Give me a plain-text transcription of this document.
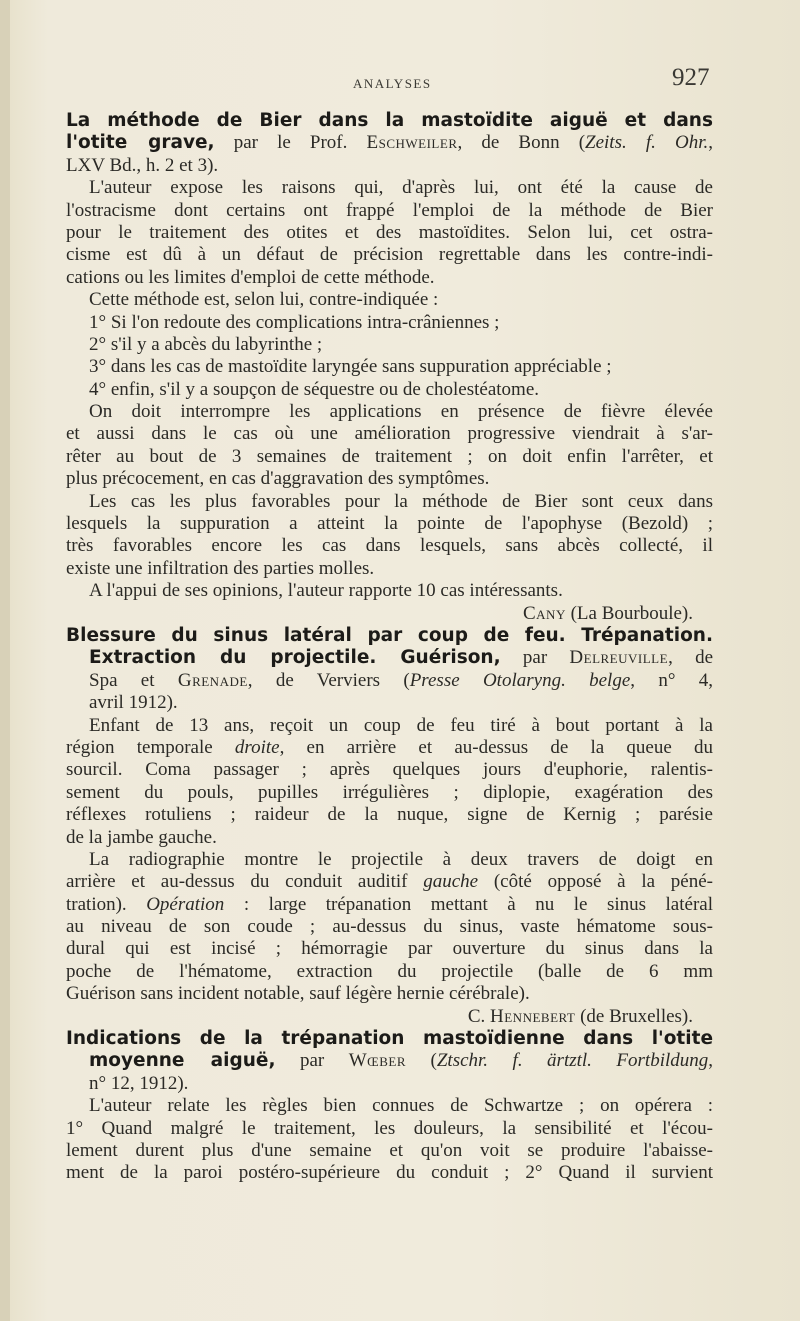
ANALYSES	927
La méthode de Bier dans la mastoïdite aiguë et dans
l'otite grave, par le Prof. Eschweiler, de Bonn (Zeits. f. Ohr.,
LXV Bd., h. 2 et 3).
L'auteur expose les raisons qui, d'après lui, ont été la cause de
l'ostracisme dont certains ont frappé l'emploi de la méthode de Bier
pour le traitement des otites et des mastoïdites. Selon lui, cet ostra-
cisme est dû à un défaut de précision regrettable dans les contre-indi-
cations ou les limites d'emploi de cette méthode.
Cette méthode est, selon lui, contre-indiquée :
1° Si l'on redoute des complications intra-crâniennes ;
2° s'il y a abcès du labyrinthe ;
3° dans les cas de mastoïdite laryngée sans suppuration appréciable ;
4° enfin, s'il y a soupçon de séquestre ou de cholestéatome.
On doit interrompre les applications en présence de fièvre élevée
et aussi dans le cas où une amélioration progressive viendrait à s'ar-
rêter au bout de 3 semaines de traitement ; on doit enfin l'arrêter, et
plus précocement, en cas d'aggravation des symptômes.
Les cas les plus favorables pour la méthode de Bier sont ceux dans
lesquels la suppuration a atteint la pointe de l'apophyse (Bezold) ;
très favorables encore les cas dans lesquels, sans abcès collecté, il
existe une infiltration des parties molles.
A l'appui de ses opinions, l'auteur rapporte 10 cas intéressants.
Cany (La Bourboule).
Blessure du sinus latéral par coup de feu. Trépanation.
Extraction du projectile. Guérison, par Delreuville, de
Spa et Grenade, de Verviers (Presse Otolaryng. belge, n° 4,
avril 1912).
Enfant de 13 ans, reçoit un coup de feu tiré à bout portant à la
région temporale droite, en arrière et au-dessus de la queue du
sourcil. Coma passager ; après quelques jours d'euphorie, ralentis-
sement du pouls, pupilles irrégulières ; diplopie, exagération des
réflexes rotuliens ; raideur de la nuque, signe de Kernig ; parésie
de la jambe gauche.
La radiographie montre le projectile à deux travers de doigt en
arrière et au-dessus du conduit auditif gauche (côté opposé à la péné-
tration). Opération : large trépanation mettant à nu le sinus latéral
au niveau de son coude ; au-dessus du sinus, vaste hématome sous-
dural qui est incisé ; hémorragie par ouverture du sinus dans la
poche de l'hématome, extraction du projectile (balle de 6 mm
Guérison sans incident notable, sauf légère hernie cérébrale).
C. Hennebert (de Bruxelles).
Indications de la trépanation mastoïdienne dans l'otite
moyenne aiguë, par Wœber (Ztschr. f. ärtztl. Fortbildung,
n° 12, 1912).
L'auteur relate les règles bien connues de Schwartze ; on opérera :
1° Quand malgré le traitement, les douleurs, la sensibilité et l'écou-
lement durent plus d'une semaine et qu'on voit se produire l'abaisse-
ment de la paroi postéro-supérieure du conduit ; 2° Quand il survient
